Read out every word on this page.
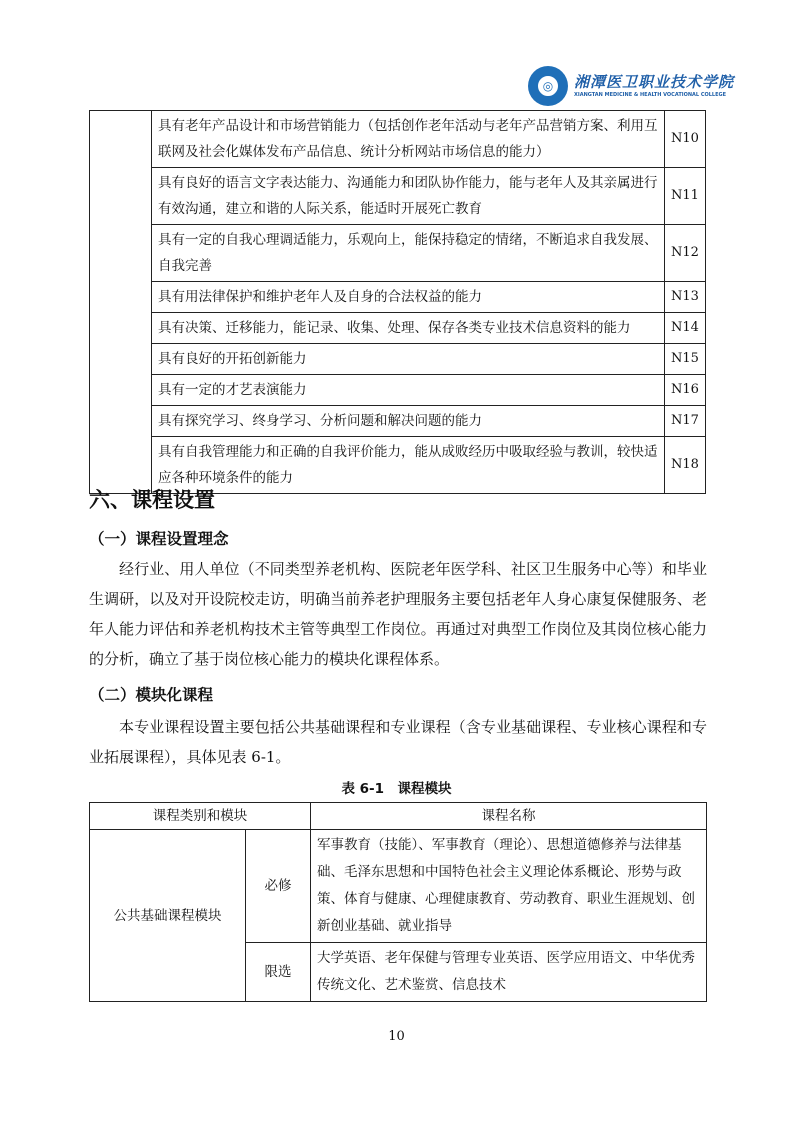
◎	湘潭医卫职业技术学院
XIANGTAN MEDICINE & HEALTH VOCATIONAL COLLEGE
	具有老年产品设计和市场营销能力（包括创作老年活动与老年产品营销方案、利用互联网及社会化媒体发布产品信息、统计分析网站市场信息的能力）	N10
	具有良好的语言文字表达能力、沟通能力和团队协作能力，能与老年人及其亲属进行有效沟通，建立和谐的人际关系，能适时开展死亡教育	N11
	具有一定的自我心理调适能力，乐观向上，能保持稳定的情绪，不断追求自我发展、自我完善	N12
	具有用法律保护和维护老年人及自身的合法权益的能力	N13
	具有决策、迁移能力，能记录、收集、处理、保存各类专业技术信息资料的能力	N14
	具有良好的开拓创新能力	N15
	具有一定的才艺表演能力	N16
	具有探究学习、终身学习、分析问题和解决问题的能力	N17
	具有自我管理能力和正确的自我评价能力，能从成败经历中吸取经验与教训，较快适应各种环境条件的能力	N18
六、课程设置
（一）课程设置理念
经行业、用人单位（不同类型养老机构、医院老年医学科、社区卫生服务中心等）和毕业生调研，以及对开设院校走访，明确当前养老护理服务主要包括老年人身心康复保健服务、老年人能力评估和养老机构技术主管等典型工作岗位。再通过对典型工作岗位及其岗位核心能力的分析，确立了基于岗位核心能力的模块化课程体系。
（二）模块化课程
本专业课程设置主要包括公共基础课程和专业课程（含专业基础课程、专业核心课程和专业拓展课程），具体见表 6-1。
表 6-1　课程模块
课程类别和模块		课程名称
公共基础课程模块	必修	军事教育（技能）、军事教育（理论）、思想道德修养与法律基础、毛泽东思想和中国特色社会主义理论体系概论、形势与政策、体育与健康、心理健康教育、劳动教育、职业生涯规划、创新创业基础、就业指导
	限选	大学英语、老年保健与管理专业英语、医学应用语文、中华优秀传统文化、艺术鉴赏、信息技术
10
